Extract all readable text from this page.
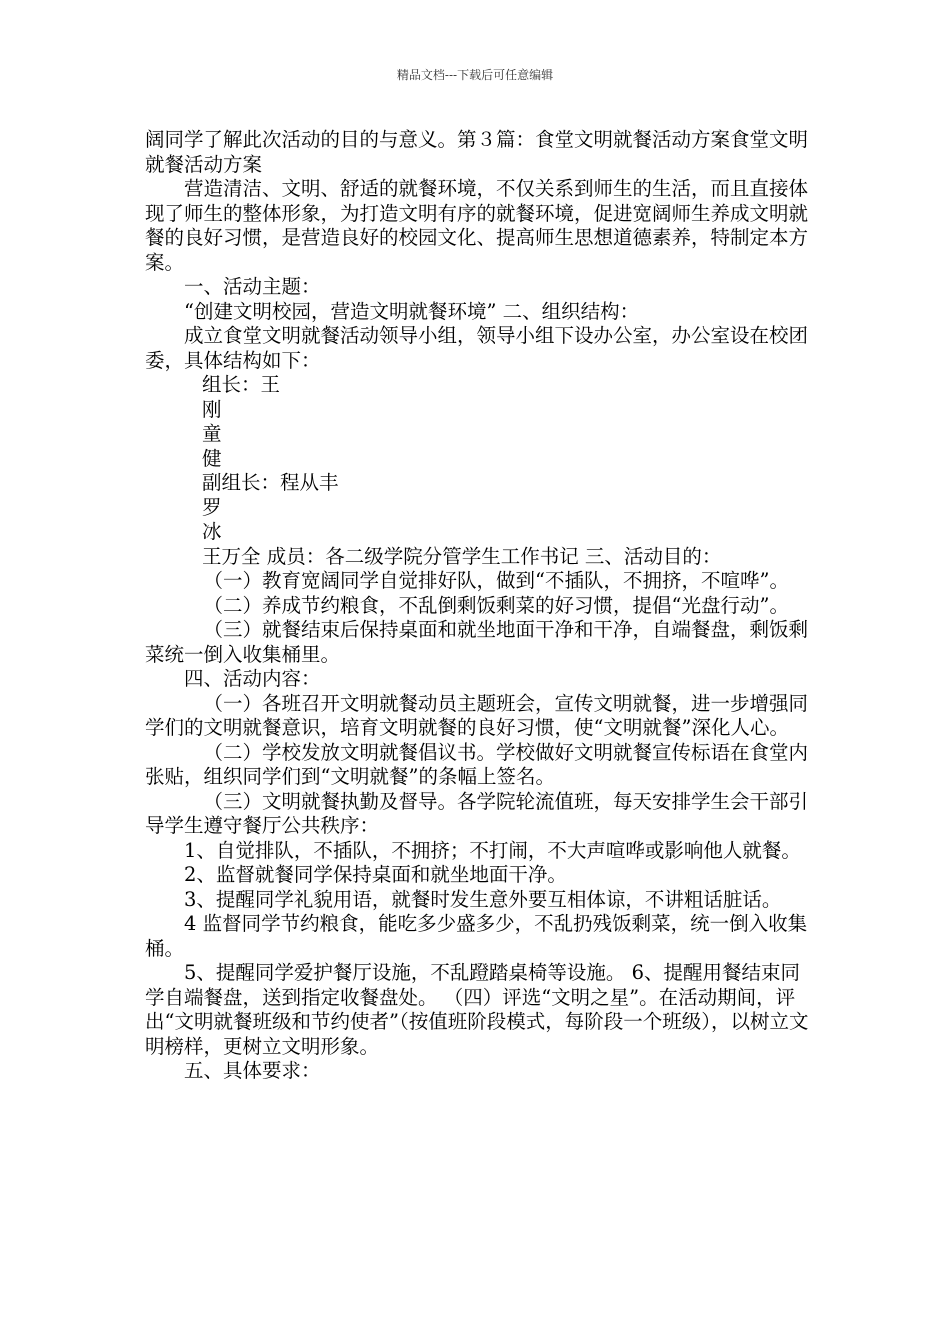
精品文档---下载后可任意编辑

阔同学了解此次活动的目的与意义。第３篇：食堂文明就餐活动方案食堂文明就餐活动方案

营造清洁、文明、舒适的就餐环境，不仅关系到师生的生活，而且直接体现了师生的整体形象，为打造文明有序的就餐环境，促进宽阔师生养成文明就餐的良好习惯，是营造良好的校园文化、提高师生思想道德素养，特制定本方案。

一、活动主题：

“创建文明校园，营造文明就餐环境” 二、组织结构：

成立食堂文明就餐活动领导小组，领导小组下设办公室，办公室设在校团委，具体结构如下：

组长：王

刚

童

健

副组长：程从丰

罗

冰

王万全 成员：各二级学院分管学生工作书记 三、活动目的：

（一）教育宽阔同学自觉排好队，做到“不插队，不拥挤，不喧哗”。

（二）养成节约粮食，不乱倒剩饭剩菜的好习惯，提倡“光盘行动”。

（三）就餐结束后保持桌面和就坐地面干净和干净，自端餐盘，剩饭剩菜统一倒入收集桶里。

四、活动内容：

（一）各班召开文明就餐动员主题班会，宣传文明就餐，进一步增强同学们的文明就餐意识，培育文明就餐的良好习惯，使“文明就餐”深化人心。

（二）学校发放文明就餐倡议书。学校做好文明就餐宣传标语在食堂内张贴，组织同学们到“文明就餐”的条幅上签名。

（三）文明就餐执勤及督导。各学院轮流值班，每天安排学生会干部引导学生遵守餐厅公共秩序：

1、自觉排队，不插队，不拥挤；不打闹，不大声喧哗或影响他人就餐。

2、监督就餐同学保持桌面和就坐地面干净。

3、提醒同学礼貌用语，就餐时发生意外要互相体谅，不讲粗话脏话。

4 监督同学节约粮食，能吃多少盛多少，不乱扔残饭剩菜，统一倒入收集桶。

5、提醒同学爱护餐厅设施，不乱蹬踏桌椅等设施。 6、提醒用餐结束同学自端餐盘，送到指定收餐盘处。 （四）评选“文明之星”。在活动期间，评出“文明就餐班级和节约使者”（按值班阶段模式，每阶段一个班级），以树立文明榜样，更树立文明形象。

五、具体要求：
